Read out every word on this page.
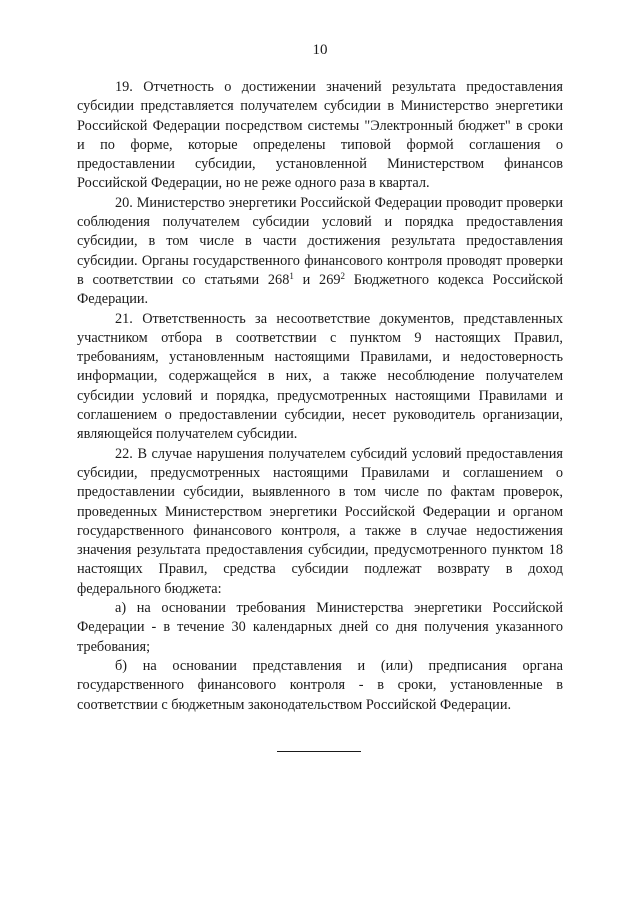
10

19. Отчетность о достижении значений результата предоставления субсидии представляется получателем субсидии в Министерство энергетики Российской Федерации посредством системы "Электронный бюджет" в сроки и по форме, которые определены типовой формой соглашения о предоставлении субсидии, установленной Министерством финансов Российской Федерации, но не реже одного раза в квартал.

20. Министерство энергетики Российской Федерации проводит проверки соблюдения получателем субсидии условий и порядка предоставления субсидии, в том числе в части достижения результата предоставления субсидии. Органы государственного финансового контроля проводят проверки в соответствии со статьями $268^1$ и $269^2$ Бюджетного кодекса Российской Федерации.

21. Ответственность за несоответствие документов, представленных участником отбора в соответствии с пунктом 9 настоящих Правил, требованиям, установленным настоящими Правилами, и недостоверность информации, содержащейся в них, а также несоблюдение получателем субсидии условий и порядка, предусмотренных настоящими Правилами и соглашением о предоставлении субсидии, несет руководитель организации, являющейся получателем субсидии.

22. В случае нарушения получателем субсидий условий предоставления субсидии, предусмотренных настоящими Правилами и соглашением о предоставлении субсидии, выявленного в том числе по фактам проверок, проведенных Министерством энергетики Российской Федерации и органом государственного финансового контроля, а также в случае недостижения значения результата предоставления субсидии, предусмотренного пунктом 18 настоящих Правил, средства субсидии подлежат возврату в доход федерального бюджета:

а) на основании требования Министерства энергетики Российской Федерации - в течение 30 календарных дней со дня получения указанного требования;

б) на основании представления и (или) предписания органа государственного финансового контроля - в сроки, установленные в соответствии с бюджетным законодательством Российской Федерации.
